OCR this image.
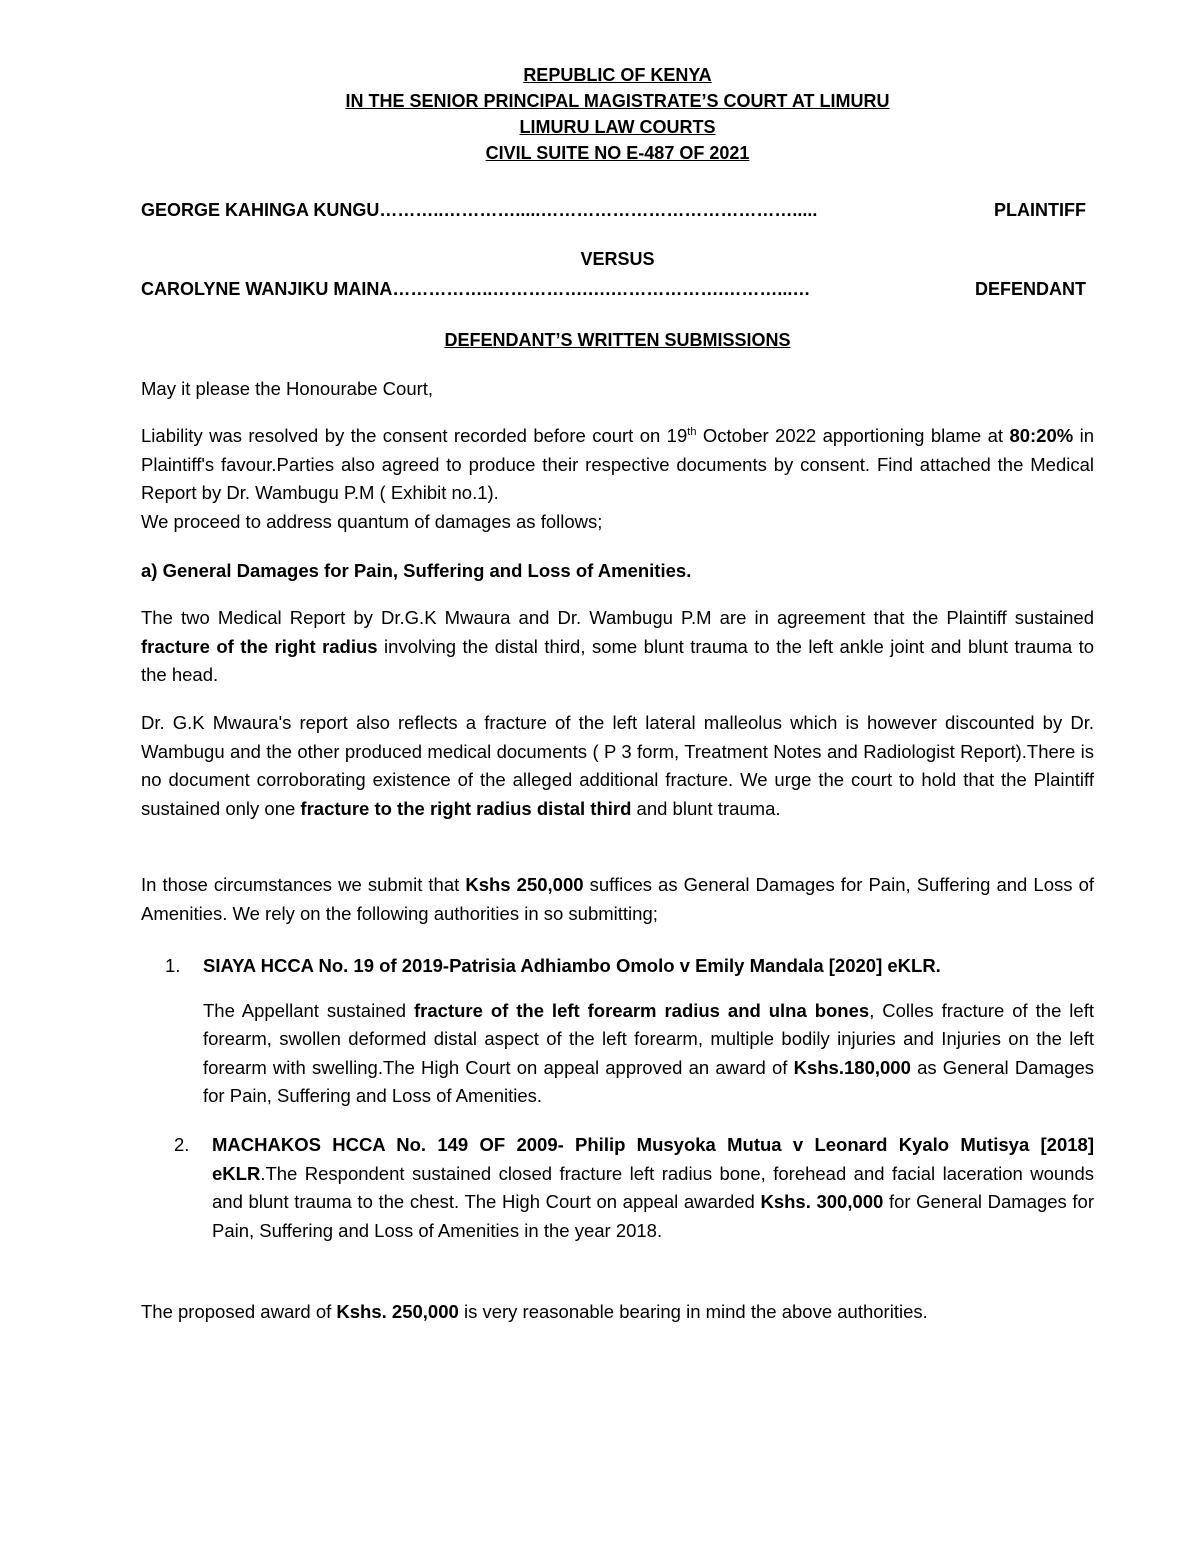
REPUBLIC OF KENYA
IN THE SENIOR PRINCIPAL MAGISTRATE’S COURT AT LIMURU
LIMURU LAW COURTS
CIVIL SUITE NO E-487 OF 2021
GEORGE KAHINGA KUNGU ………..………….....…………………………………….....	PLAINTIFF
VERSUS
CAROLYNE WANJIKU MAINA ……………..…………….….……………….………...…	DEFENDANT
DEFENDANT’S WRITTEN SUBMISSIONS
May it please the Honourabe Court,
Liability was resolved by the consent recorded before court on 19th October 2022 apportioning blame at 80:20% in Plaintiff's favour.Parties also agreed to produce their respective documents by consent. Find attached the Medical Report by Dr. Wambugu P.M ( Exhibit no.1).
We proceed to address quantum of damages as follows;
a) General Damages for Pain, Suffering and Loss of Amenities.
The two Medical Report by Dr.G.K Mwaura and Dr. Wambugu P.M are in agreement that the Plaintiff sustained fracture of the right radius involving the distal third, some blunt trauma to the left ankle joint and blunt trauma to the head.
Dr. G.K Mwaura's report also reflects a fracture of the left lateral malleolus which is however discounted by Dr. Wambugu and the other produced medical documents ( P 3 form, Treatment Notes and Radiologist Report).There is no document corroborating existence of the alleged additional fracture. We urge the court to hold that the Plaintiff sustained only one fracture to the right radius distal third and blunt trauma.
In those circumstances we submit that Kshs 250,000 suffices as General Damages for Pain, Suffering and Loss of Amenities. We rely on the following authorities in so submitting;
1. SIAYA HCCA No. 19 of 2019-Patrisia Adhiambo Omolo v Emily Mandala [2020] eKLR.
The Appellant sustained fracture of the left forearm radius and ulna bones, Colles fracture of the left forearm, swollen deformed distal aspect of the left forearm, multiple bodily injuries and Injuries on the left forearm with swelling.The High Court on appeal approved an award of Kshs.180,000 as General Damages for Pain, Suffering and Loss of Amenities.
2. MACHAKOS HCCA No. 149 OF 2009- Philip Musyoka Mutua v Leonard Kyalo Mutisya [2018] eKLR.The Respondent sustained closed fracture left radius bone, forehead and facial laceration wounds and blunt trauma to the chest. The High Court on appeal awarded Kshs. 300,000 for General Damages for Pain, Suffering and Loss of Amenities in the year 2018.
The proposed award of Kshs. 250,000 is very reasonable bearing in mind the above authorities.
